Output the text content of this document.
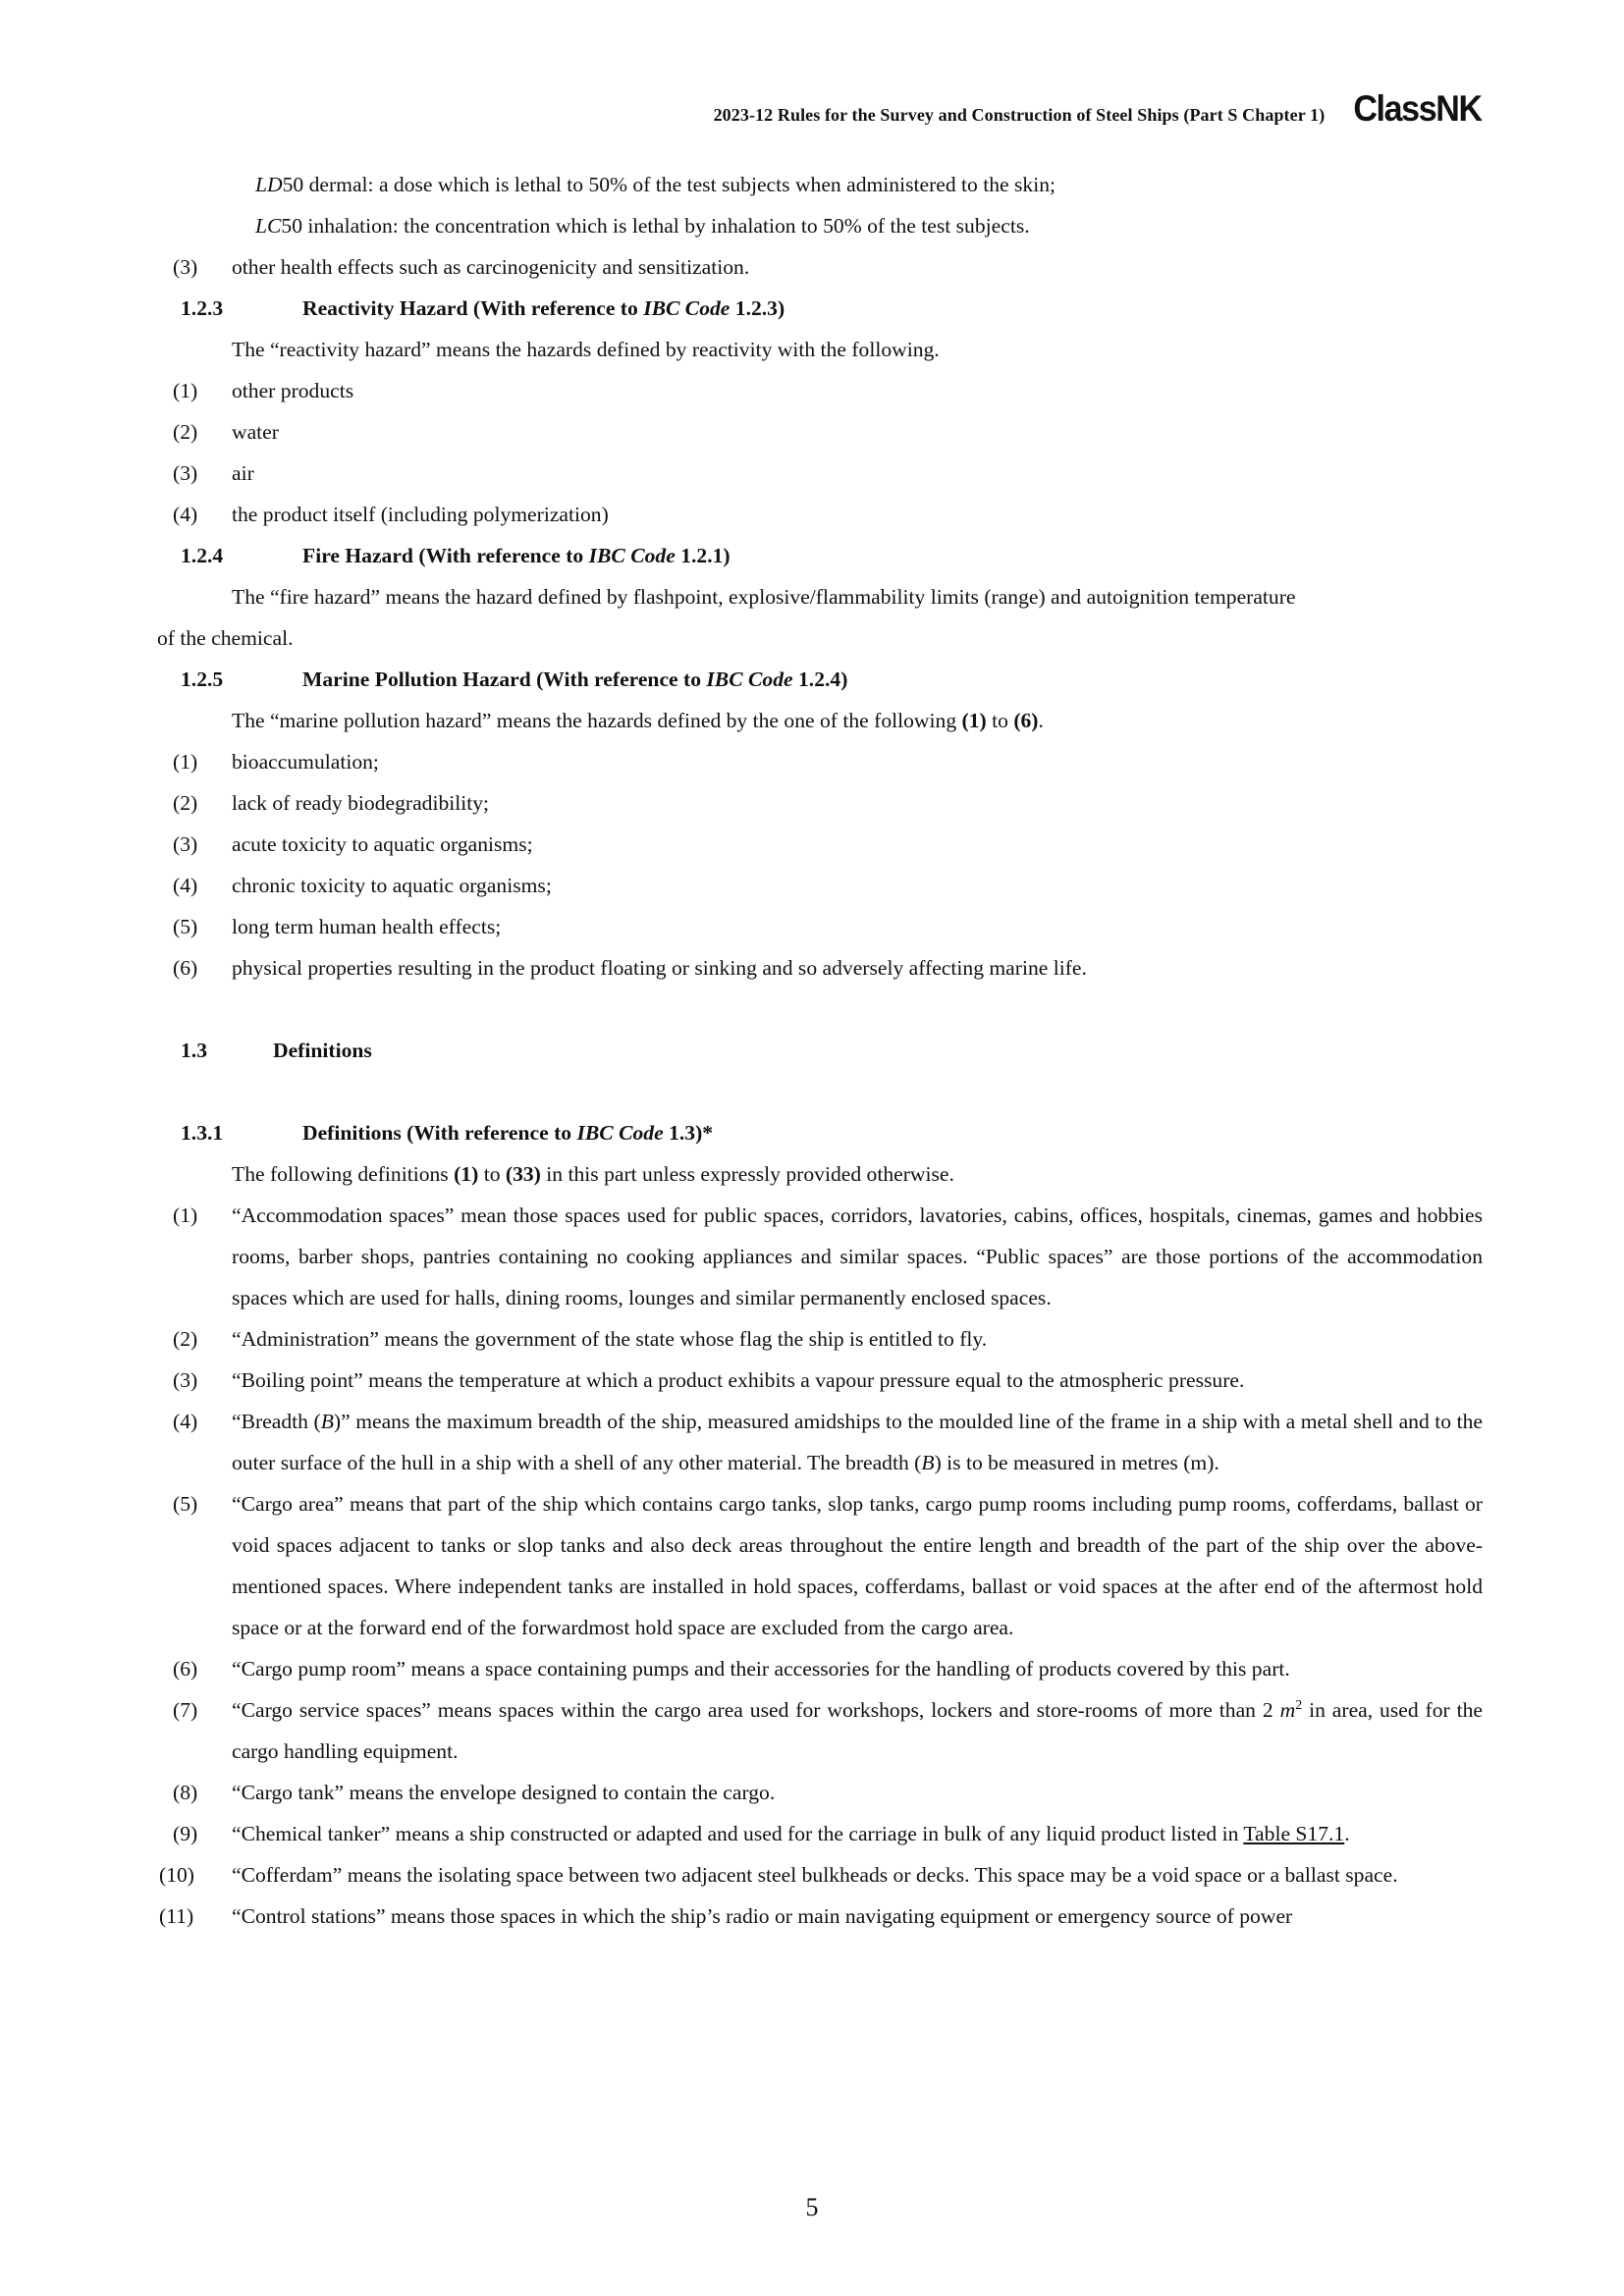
2023-12 Rules for the Survey and Construction of Steel Ships (Part S Chapter 1) ClassNK
LD50 dermal: a dose which is lethal to 50% of the test subjects when administered to the skin;
LC50 inhalation: the concentration which is lethal by inhalation to 50% of the test subjects.
(3) other health effects such as carcinogenicity and sensitization.
1.2.3	Reactivity Hazard (With reference to IBC Code 1.2.3)
The “reactivity hazard” means the hazards defined by reactivity with the following.
(1) other products
(2) water
(3) air
(4) the product itself (including polymerization)
1.2.4	Fire Hazard (With reference to IBC Code 1.2.1)
The “fire hazard” means the hazard defined by flashpoint, explosive/flammability limits (range) and autoignition temperature
of the chemical.
1.2.5	Marine Pollution Hazard (With reference to IBC Code 1.2.4)
The “marine pollution hazard” means the hazards defined by the one of the following (1) to (6).
(1) bioaccumulation;
(2) lack of ready biodegradibility;
(3) acute toxicity to aquatic organisms;
(4) chronic toxicity to aquatic organisms;
(5) long term human health effects;
(6) physical properties resulting in the product floating or sinking and so adversely affecting marine life.
1.3	Definitions
1.3.1	Definitions (With reference to IBC Code 1.3)*
The following definitions (1) to (33) in this part unless expressly provided otherwise.
(1) “Accommodation spaces” mean those spaces used for public spaces, corridors, lavatories, cabins, offices, hospitals, cinemas, games and hobbies rooms, barber shops, pantries containing no cooking appliances and similar spaces. “Public spaces” are those portions of the accommodation spaces which are used for halls, dining rooms, lounges and similar permanently enclosed spaces.
(2) “Administration” means the government of the state whose flag the ship is entitled to fly.
(3) “Boiling point” means the temperature at which a product exhibits a vapour pressure equal to the atmospheric pressure.
(4) “Breadth (B)” means the maximum breadth of the ship, measured amidships to the moulded line of the frame in a ship with a metal shell and to the outer surface of the hull in a ship with a shell of any other material. The breadth (B) is to be measured in metres (m).
(5) “Cargo area” means that part of the ship which contains cargo tanks, slop tanks, cargo pump rooms including pump rooms, cofferdams, ballast or void spaces adjacent to tanks or slop tanks and also deck areas throughout the entire length and breadth of the part of the ship over the above-mentioned spaces. Where independent tanks are installed in hold spaces, cofferdams, ballast or void spaces at the after end of the aftermost hold space or at the forward end of the forwardmost hold space are excluded from the cargo area.
(6) “Cargo pump room” means a space containing pumps and their accessories for the handling of products covered by this part.
(7) “Cargo service spaces” means spaces within the cargo area used for workshops, lockers and store-rooms of more than 2 $m^2$ in area, used for the cargo handling equipment.
(8) “Cargo tank” means the envelope designed to contain the cargo.
(9) “Chemical tanker” means a ship constructed or adapted and used for the carriage in bulk of any liquid product listed in Table S17.1.
(10) “Cofferdam” means the isolating space between two adjacent steel bulkheads or decks. This space may be a void space or a ballast space.
(11) “Control stations” means those spaces in which the ship’s radio or main navigating equipment or emergency source of power
5
